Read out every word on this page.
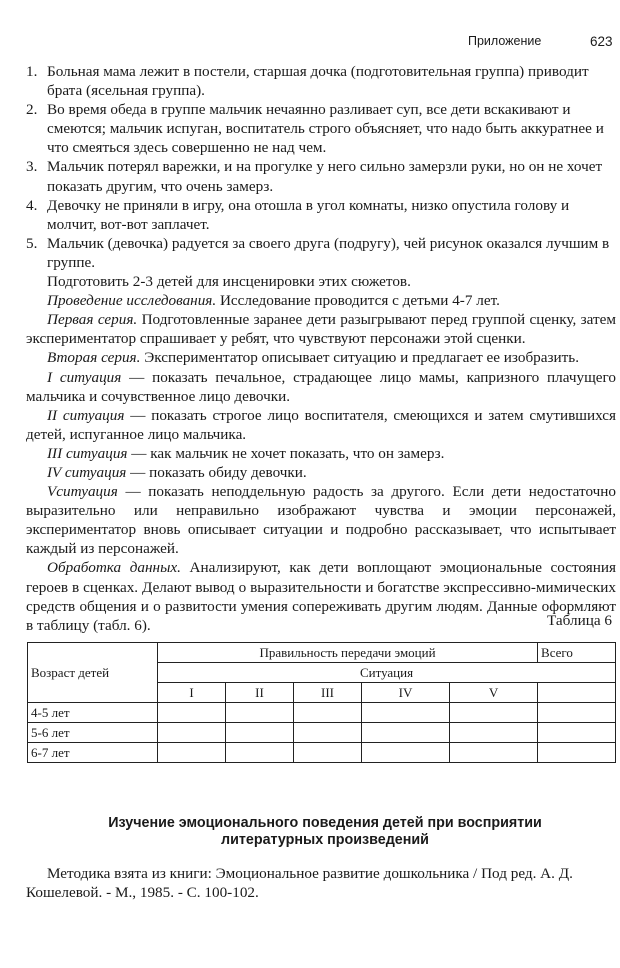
Приложение	623
1. Больная мама лежит в постели, старшая дочка (подготовительная группа) приводит брата (ясельная группа).
2. Во время обеда в группе мальчик нечаянно разливает суп, все дети вскакивают и смеются; мальчик испуган, воспитатель строго объясняет, что надо быть аккуратнее и что смеяться здесь совершенно не над чем.
3. Мальчик потерял варежки, и на прогулке у него сильно замерзли руки, но он не хочет показать другим, что очень замерз.
4. Девочку не приняли в игру, она отошла в угол комнаты, низко опустила голову и молчит, вот-вот заплачет.
5. Мальчик (девочка) радуется за своего друга (подругу), чей рисунок оказался лучшим в группе.

Подготовить 2-3 детей для инсценировки этих сюжетов.

Проведение исследования. Исследование проводится с детьми 4-7 лет.

Первая серия. Подготовленные заранее дети разыгрывают перед группой сценку, затем экспериментатор спрашивает у ребят, что чувствуют персонажи этой сценки.

Вторая серия. Экспериментатор описывает ситуацию и предлагает ее изобразить.

I ситуация — показать печальное, страдающее лицо мамы, капризного плачущего мальчика и сочувственное лицо девочки.

II ситуация — показать строгое лицо воспитателя, смеющихся и затем смутившихся детей, испуганное лицо мальчика.

III ситуация — как мальчик не хочет показать, что он замерз.

IV ситуация — показать обиду девочки.

Vситуация — показать неподдельную радость за другого. Если дети недостаточно выразительно или неправильно изображают чувства и эмоции персонажей, экспериментатор вновь описывает ситуации и подробно рассказывает, что испытывает каждый из персонажей.

Обработка данных. Анализируют, как дети воплощают эмоциональные состояния героев в сценках. Делают вывод о выразительности и богатстве экспрессивно-мимических средств общения и о развитости умения сопереживать другим людям. Данные оформляют в таблицу (табл. 6).	Таблица 6
Возраст детей	Правильность передачи эмоций					Всего
	Ситуация					
	I	II	III	IV	V	
4-5 лет						
5-6 лет						
6-7 лет						
Изучение эмоционального поведения детей при восприятии литературных произведений

Методика взята из книги: Эмоциональное развитие дошкольника / Под ред. А. Д. Кошелевой. - М., 1985. - С. 100-102.
